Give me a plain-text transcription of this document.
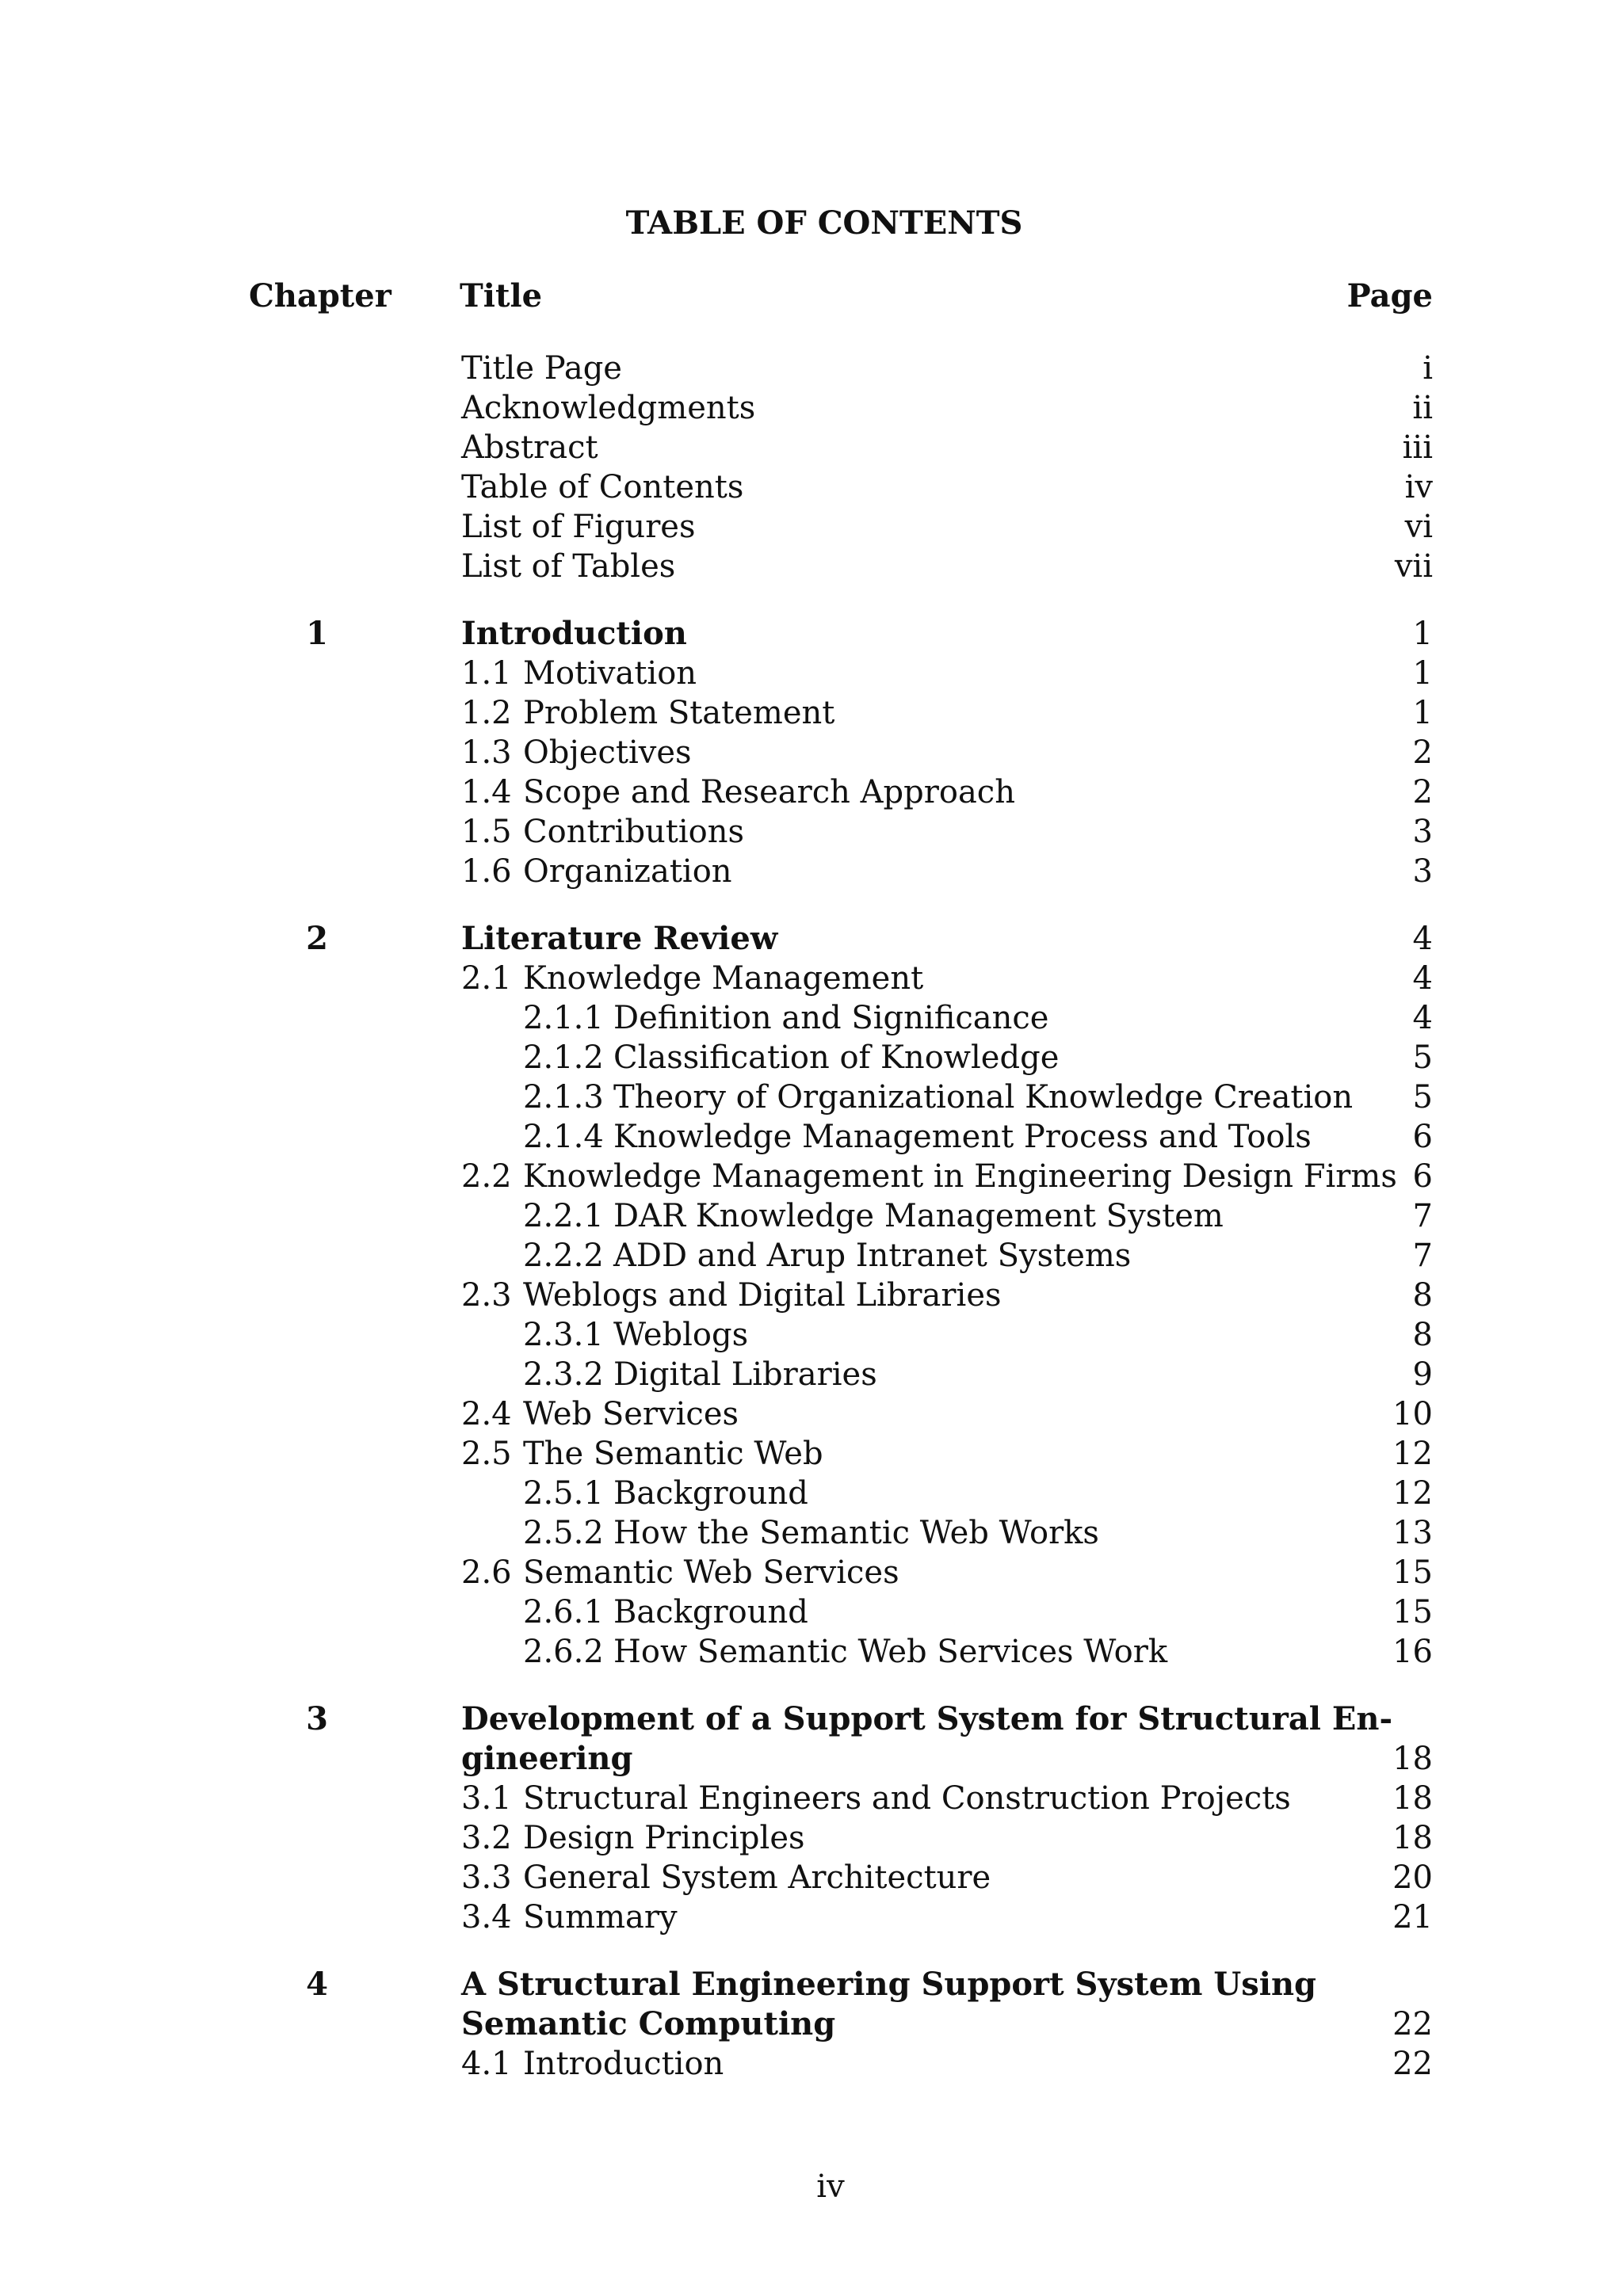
TABLE OF CONTENTS
Chapter Title	Page
Title Page	i
Acknowledgments	ii
Abstract	iii
Table of Contents	iv
List of Figures	vi
List of Tables	vii
1	Introduction	1
1.1 Motivation	1
1.2 Problem Statement	1
1.3 Objectives	2
1.4 Scope and Research Approach	2
1.5 Contributions	3
1.6 Organization	3
2	Literature Review	4
2.1 Knowledge Management	4
2.1.1 Definition and Significance	4
2.1.2 Classification of Knowledge	5
2.1.3 Theory of Organizational Knowledge Creation	5
2.1.4 Knowledge Management Process and Tools	6
2.2 Knowledge Management in Engineering Design Firms 6
2.2.1 DAR Knowledge Management System	7
2.2.2 ADD and Arup Intranet Systems	7
2.3 Weblogs and Digital Libraries	8
2.3.1 Weblogs	8
2.3.2 Digital Libraries	9
2.4 Web Services	10
2.5 The Semantic Web	12
2.5.1 Background	12
2.5.2 How the Semantic Web Works	13
2.6 Semantic Web Services	15
2.6.1 Background	15
2.6.2 How Semantic Web Services Work	16
3	Development of a Support System for Structural En-
gineering	18
3.1 Structural Engineers and Construction Projects	18
3.2 Design Principles	18
3.3 General System Architecture	20
3.4 Summary	21
4	A Structural Engineering Support System Using
Semantic Computing	22
4.1 Introduction	22
iv
